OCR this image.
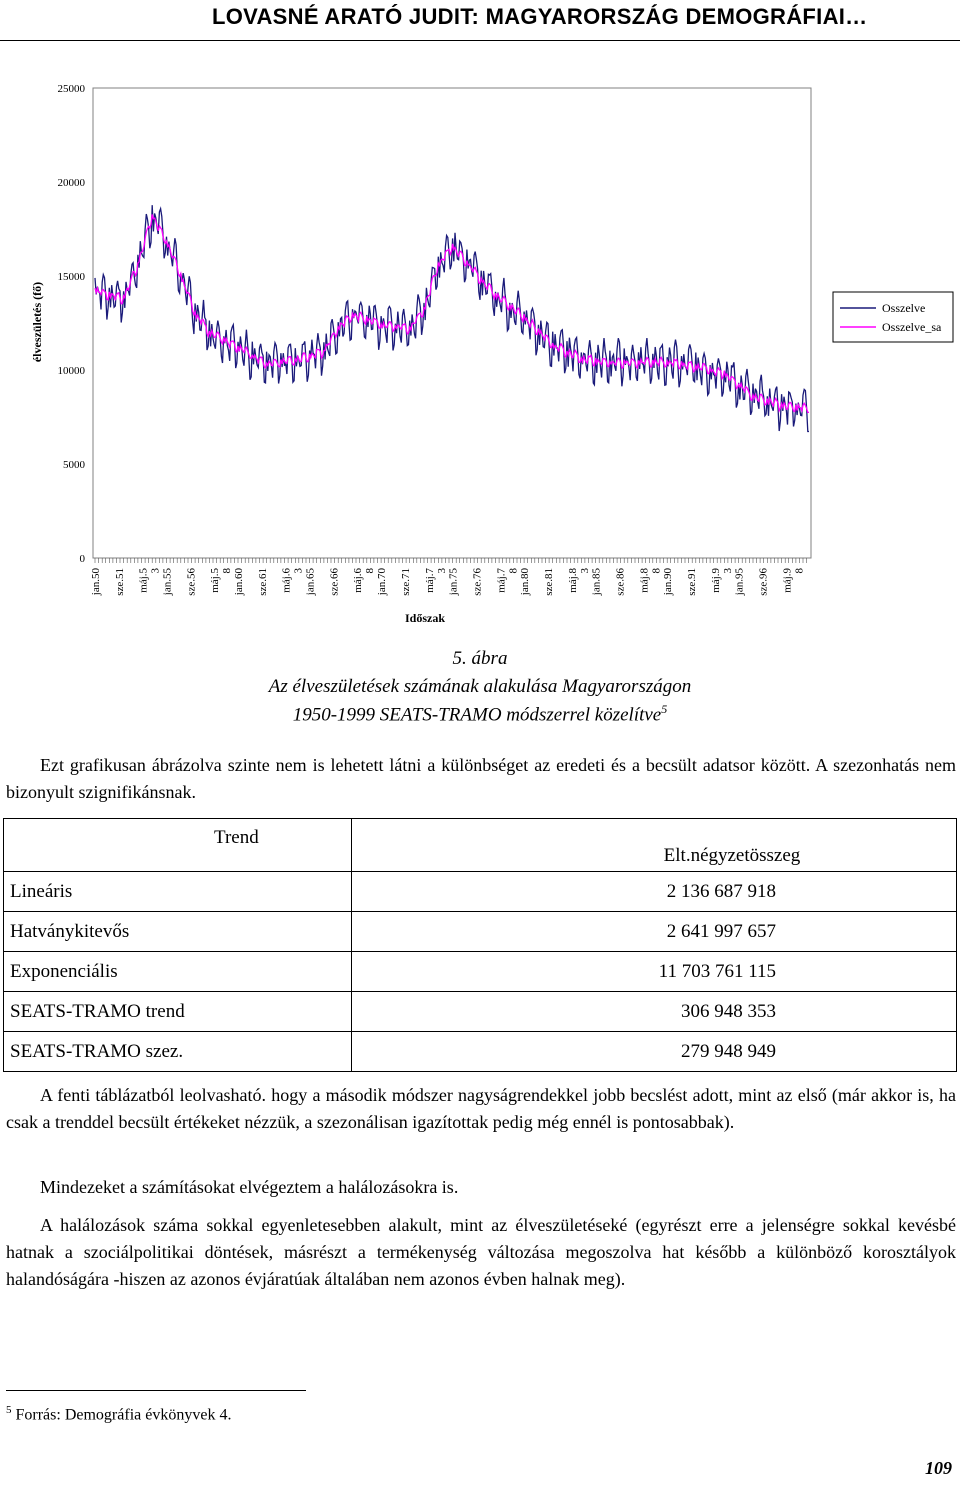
LOVASNÉ ARATÓ JUDIT: MAGYARORSZÁG DEMOGRÁFIAI…
0
5000
10000
15000
20000
25000
jan.50 sze.51 3
máj.5 jan.55 sze.56 8
máj.5 jan.60 sze.61 3
máj.6 jan.65 sze.66 8
máj.6 jan.70 sze.71 3
máj.7 jan.75 sze.76 8
máj.7 jan.80 sze.81 3
máj.8 jan.85 sze.86 8
máj.8 jan.90 sze.91 3
máj.9 jan.95 sze.96 8
máj.9
élveszületés (fő)
Időszak
Osszelve
Osszelve_sa
5. ábra
Az élveszületések számának alakulása Magyarországon
1950-1999 SEATS-TRAMO módszerrel közelítve$^5$
Ezt grafikusan ábrázolva szinte nem is lehetett látni a különbséget az eredeti és a becsült adatsor között. A szezonhatás nem bizonyult szignifikánsnak.
Trend	Elt.négyzetösszeg
Lineáris	2 136 687 918
Hatványkitevős	2 641 997 657
Exponenciális	11 703 761 115
SEATS-TRAMO trend	306 948 353
SEATS-TRAMO szez.	279 948 949
A fenti táblázatból leolvasható. hogy a második módszer nagyságrendekkel jobb becslést adott, mint az első (már akkor is, ha csak a trenddel becsült értékeket nézzük, a szezonálisan igazítottak pedig még ennél is pontosabbak).
Mindezeket a számításokat elvégeztem a halálozásokra is.
A halálozások száma sokkal egyenletesebben alakult, mint az élveszületéseké (egyrészt erre a jelenségre sokkal kevésbé hatnak a szociálpolitikai döntések, másrészt a termékenység változása megoszolva hat később a különböző korosztályok halandóságára -hiszen az azonos évjáratúak általában nem azonos évben halnak meg).
$^5$ Forrás: Demográfia évkönyvek 4.
109
